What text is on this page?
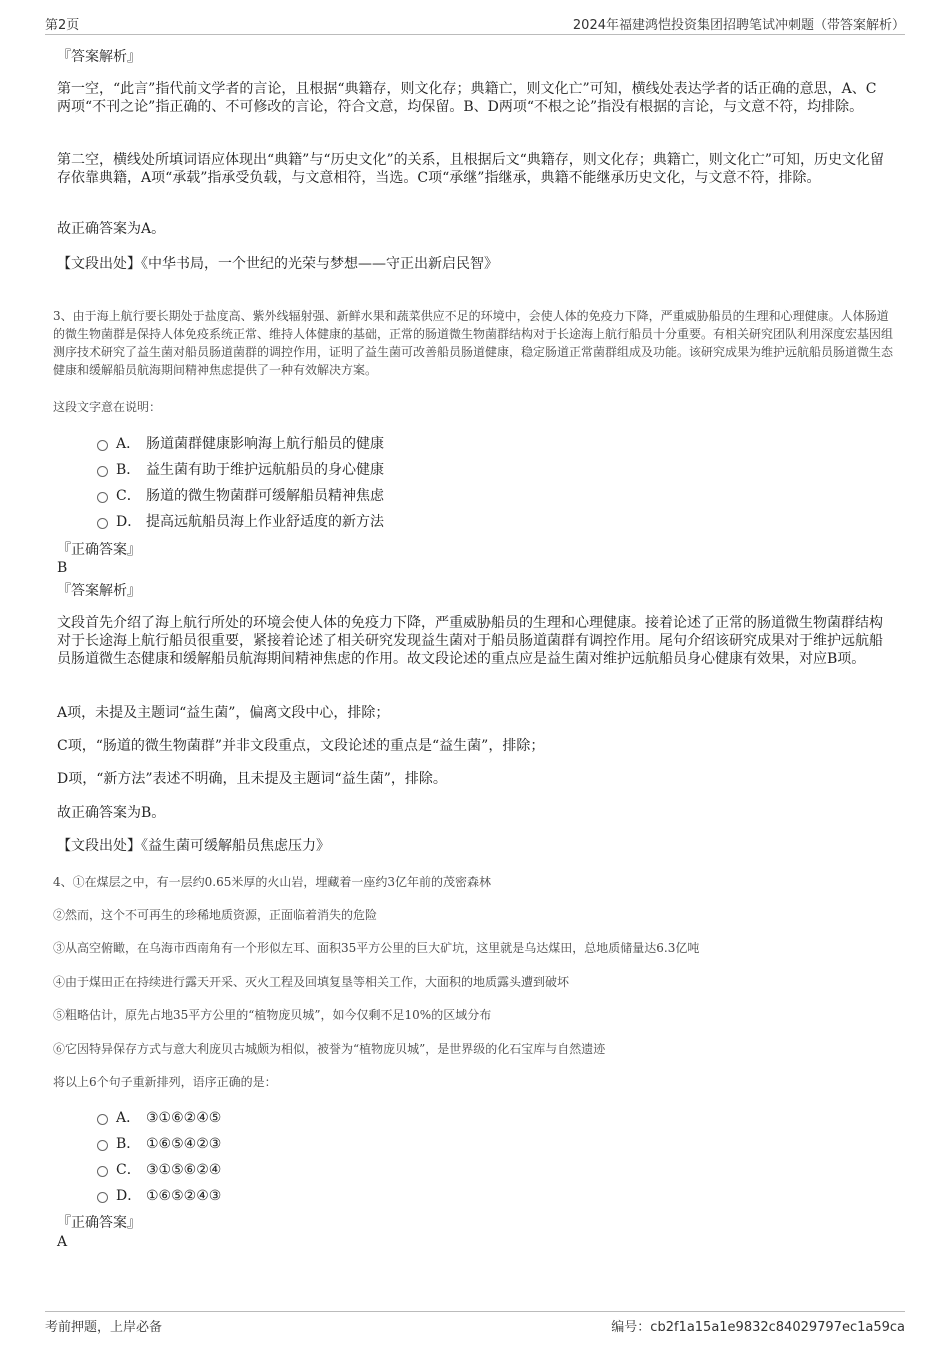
第2页	2024年福建鸿恺投资集团招聘笔试冲刺题（带答案解析）

『答案解析』

第一空，“此言”指代前文学者的言论，且根据“典籍存，则文化存；典籍亡，则文化亡”可知，横线处表达学者的话正确的意思，A、C两项“不刊之论”指正确的、不可修改的言论，符合文意，均保留。B、D两项“不根之论”指没有根据的言论，与文意不符，均排除。

第二空，横线处所填词语应体现出“典籍”与“历史文化”的关系，且根据后文“典籍存，则文化存；典籍亡，则文化亡”可知，历史文化留存依靠典籍，A项“承载”指承受负载，与文意相符，当选。C项“承继”指继承，典籍不能继承历史文化，与文意不符，排除。

故正确答案为A。

【文段出处】《中华书局，一个世纪的光荣与梦想——守正出新启民智》

3、由于海上航行要长期处于盐度高、紫外线辐射强、新鲜水果和蔬菜供应不足的环境中，会使人体的免疫力下降，严重威胁船员的生理和心理健康。人体肠道的微生物菌群是保持人体免疫系统正常、维持人体健康的基础，正常的肠道微生物菌群结构对于长途海上航行船员十分重要。有相关研究团队利用深度宏基因组测序技术研究了益生菌对船员肠道菌群的调控作用，证明了益生菌可改善船员肠道健康，稳定肠道正常菌群组成及功能。该研究成果为维护远航船员肠道微生态健康和缓解船员航海期间精神焦虑提供了一种有效解决方案。

这段文字意在说明：

A． 肠道菌群健康影响海上航行船员的健康
B． 益生菌有助于维护远航船员的身心健康
C． 肠道的微生物菌群可缓解船员精神焦虑
D． 提高远航船员海上作业舒适度的新方法

『正确答案』

B

『答案解析』

文段首先介绍了海上航行所处的环境会使人体的免疫力下降，严重威胁船员的生理和心理健康。接着论述了正常的肠道微生物菌群结构对于长途海上航行船员很重要，紧接着论述了相关研究发现益生菌对于船员肠道菌群有调控作用。尾句介绍该研究成果对于维护远航船员肠道微生态健康和缓解船员航海期间精神焦虑的作用。故文段论述的重点应是益生菌对维护远航船员身心健康有效果，对应B项。

A项，未提及主题词“益生菌”，偏离文段中心，排除；

C项，“肠道的微生物菌群”并非文段重点，文段论述的重点是“益生菌”，排除；

D项，“新方法”表述不明确，且未提及主题词“益生菌”，排除。

故正确答案为B。

【文段出处】《益生菌可缓解船员焦虑压力》

4、①在煤层之中，有一层约0.65米厚的火山岩，埋藏着一座约3亿年前的茂密森林

②然而，这个不可再生的珍稀地质资源，正面临着消失的危险

③从高空俯瞰，在乌海市西南角有一个形似左耳、面积35平方公里的巨大矿坑，这里就是乌达煤田，总地质储量达6.3亿吨

④由于煤田正在持续进行露天开采、灭火工程及回填复垦等相关工作，大面积的地质露头遭到破坏

⑤粗略估计，原先占地35平方公里的“植物庞贝城”，如今仅剩不足10%的区域分布

⑥它因特异保存方式与意大利庞贝古城颇为相似，被誉为“植物庞贝城”，是世界级的化石宝库与自然遗迹

将以上6个句子重新排列，语序正确的是：

A． ③①⑥②④⑤
B． ①⑥⑤④②③
C． ③①⑤⑥②④
D． ①⑥⑤②④③

『正确答案』

A

考前押题，上岸必备	编号：cb2f1a15a1e9832c84029797ec1a59ca
